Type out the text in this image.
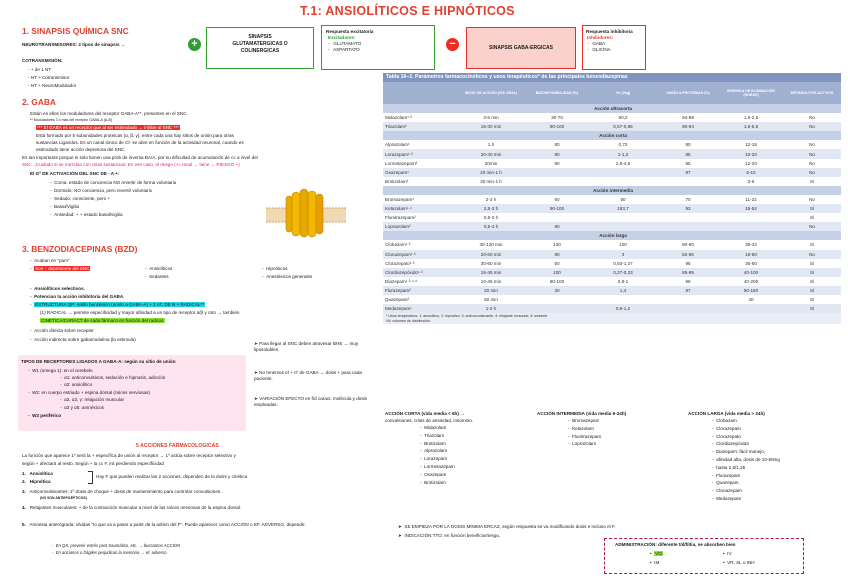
T.1: ANSIOLÍTICOS E HIPNÓTICOS
1. SINAPSIS QUÍMICA SNC
NEUROTRANSMISORES: 2 tipos de sinapsis →
COTRANSMISIÓN:
- + de 1 NT
- NT + Cotransmisor
- NT + NeuroModulador
+
SINAPSIS
GLUTAMATÉRGICAS O
COLINÉRGICAS
Respuesta excitatoria
Excitadores:
-   GLUTAMATO
-   ASPARTATO	−	SINAPSIS GABA-ÉRGICAS
Respuesta inhibitoria
Inhibidores:
-   GABA
-   GLICINA
2. GABA
Están en ellos los moduladores del receptor GABA-A**, presentes en el SNC.
** Moduladores 3 ó más del receptor GABA-A (A-B)
*** El GABA es un receptor que al ser estimulado → inhibe al SNC ***
Está formado por 5 subunidades proteicas (α, β, γ), entre cada una hay sitios de unión para otras
sustancias Ligandos. Es un canal iónico de Cl- se abre en función de la actividad neuronal, cuando es
estimulado tiene acción depresora del SNC.
Es tan importante porque si solo tienen una prob de inversa BA/A, por su dificultad de acumulación de cc a nivel del
SNC. ¡Cuidado si se mezclan con otras sustancias: En ese caso, el riesgo (+c.renal → tiene → RIESGO +)
El Gº DE ACTIVACIÓN DEL SNC DE - A +:
-  Coma: estado de conciencia NO revertir de forma voluntaria
-  Dormido: NO conciencia, pero revertir voluntario
-  Sedado: consciente, pero +
-  Basal/Vigilia
-  Ansiedad: + + estado basal/vigilia
3. BENZODIACEPINAS (BZD)
-  Acaban en "pam"
-  Son ↑ depresores del SNC	-  Ansiolíticos
-  Sedantes
-  Hipnóticos
-  Anestésicos generales
-  Ansiolíticos selectivos.
-  Potencian la acción inhibitoria del GABA.
-  ESTRUCTURA QP: Anillo benzénico (unión a GABA-A) + 2 AT. DE N + RADICAL**
(1) RADICAL → permite especificidad y mayor afinidad a un tipo de receptor α/β y otro → también
CINÉTICA/CARACT de cada fármaco en función del radical.
-  Acción directa sobre receptor
-  Acción indirecta sobre gabamodulina (la estimula)
TIPOS DE RECEPTORES LIGADOS A GABA-A: según su sitio de unión
-  W1 (omega 1): en el cerebelo
-  α1: anticonvulsivos, sedación e hipnosis, adicción
-  α2: ansiolítico
-  W2: en cuerpo estriado + espina dorsal (raíces nerviosas)
-  α2, α3, γ: relajación muscular
-  α3 y α5: amnésicos
-  W3 periférico
➤ Para llegar al SNC deben atravesar BHE → muy liposolubles.
➤ No tenemos el + nº de GABA → dosis + para cada paciente.
➤ VARIACIÓN EFECTO en f/d caract. molécula y dosis empleadas.
5 ACCIONES FARMACOLÓGICAS
La función que aparece 1º será la + específica de unión al receptor → 1º actúa sobre receptor selectivo y
según + afectará al resto. Según + la cc F, irá perdiendo especificidad
1. Ansiolítica
2. Hipnótica
Hay F que pueden realizar las 2 acciones, dependen de la dosis y cinética
3. Anticonvulsivantes: 1º dosis de choque + dosis de mantenimiento para controlar convulsiones.
(NO SON ANTIEPILÉPTICOS)
4. Relajantes musculares: + de la contracción muscular a nivel de las raíces nerviosas de la espina dorsal.
5. Amnesia anterógrada: olvidas "lo que va a pasar a partir de la admin del F". Puede aparecer como ACCIÓN o EF. ADVERSO, depende:
-  En QX, prevenir estrés post-traumático, etc. → buscamos ACCIÓN
-  En ancianos o frágiles perjudican la memoria → ef. adverso
Tabla 16–2. Parámetros farmacocinéticos y usos terapéuticos* de las principales benzodiazepinas
	INICIO DE ACCIÓN (VÍA ORAL)	BIODISPONIBILIDAD (%)	Vd (l/kg)	UNIÓN A PROTEÍNAS (%)	SEMIVIDA DE ELIMINACIÓN (HORAS)	METABOLITOS ACTIVOS
Acción ultracorta						
Midazolam¹·³	3-5 min	30-70	50,2	94-98	1,5-2,5	No
Triazolam²	15-30 min	90-100	0,57-0,86	80-94	1,5-5,5	No
Acción corta						
Alprazolam¹	1 h	80	0,72	80	12-15	No
Lorazepam¹·³	20-40 min	90	1-1,3	85	10-20	No
Lormetazepam²	20min	80	2,8-4,6	85	12-20	No
Oxazepam¹	20 min-1 h			97	6-10	No
Brotizolam²	30 min-1 h				3-6	Sí
Acción intermedia						
Bromazepam¹	2-3 h	60	50	70	11-22	No
Ketazolam¹·⁴	2,5-3 h	90-100	193,7	93	15-52	Sí
Flunitrazepam²	0,5-2 h					Sí
Loprazolam²	0,5-4 h	90				No
Acción larga						
Clobazam¹·³	30-120 min	100	100	80-90	36-42	Sí
Clonazepam¹·³	20-60 min	90	3	82-86	18-50	No
Clorazepato¹·³	30-60 min	50	0,93-1,27	98	36-60	Sí
Clordiazepóxido¹·³	15-45 min	100	0,27-0,33	85-95	40-100	Sí
Diazepam¹·³·⁴·⁵	10-45 min	80-100	0,8-1	98	40-200	Sí
Flurazepam²	20 min	30	1,4	97	50-160	Sí
Quazepam²	60 min				40	Sí
Medazepam¹	1-2 h		0,9-1,2			Sí
* Usos terapéuticos: 1: ansiolítico, 2: hipnótico; 3: anticonvulsivante, 4: relajante muscular; 5: sedante.
Vd: volumen de distribución.
ACCIÓN CORTA (vida media < 6h) →
convulsiones, crisis de ansiedad, insomnio.
-  Midazolam
-  Triazolam
-  Brotizolam
-  Alprazolam
-  Lorazepam
-  Lormetazepam
-  Oxazepam
-  Brotizolam
ACCIÓN INTERMEDIA (vida media 6-24h)
-  Bromazepam
-  Ketazolam
-  Flunitrazepam
-  Loprazolam
ACCIÓN LARGA (vida media > 24h)
-  Clobazam
-  Clorazepam
-  Clorazepato
-  Clordiazepóxido
-  Diazepam: fácil manejo,
-  afinidad alta, dosis de 10-50mg
-  hasta 2,5/1,25
-  Flurazepam
-  Quazepam
-  Clonazepam
-  Medazepam
➤  SE EMPIEZA POR LA DOSIS MÍNIMA ERCAZ, según respuesta se va modificando dosis e incluso el F.
➤  INDICACIÓN TTO: en función beneficio/riesgo.
ADMINISTRACIÓN: diferente t/d/f/dia, se absorben bien
•  VO	•  IV
•  IM	•  VR, SL o INH
